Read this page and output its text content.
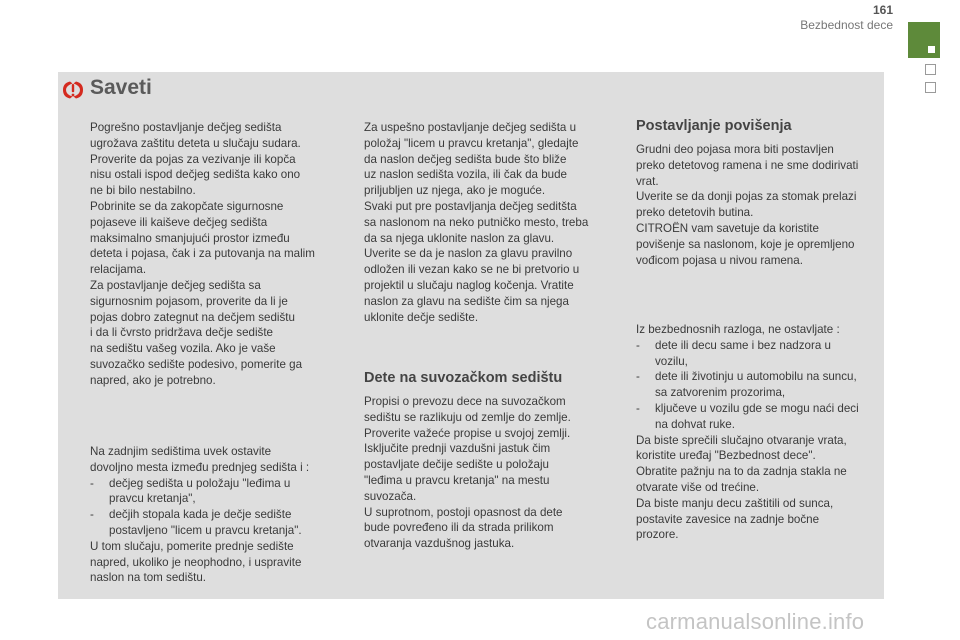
161
Bezbednost dece
Saveti

Pogrešno postavljanje dečjeg sedišta

ugrožava zaštitu deteta u slučaju sudara.

Proverite da pojas za vezivanje ili kopča

nisu ostali ispod dečjeg sedišta kako ono

ne bi bilo nestabilno.

Pobrinite se da zakopčate sigurnosne

pojaseve ili kaiševe dečjeg sedišta

maksimalno smanjujući prostor između

deteta i pojasa, čak i za putovanja na malim

relacijama.

Za postavljanje dečjeg sedišta sa

sigurnosnim pojasom, proverite da li je

pojas dobro zategnut na dečjem sedištu

i da li čvrsto pridržava dečje sedište

na sedištu vašeg vozila. Ako je vaše

suvozačko sedište podesivo, pomerite ga

napred, ako je potrebno.

Na zadnjim sedištima uvek ostavite

dovoljno mesta između prednjeg sedišta i :

- dečjeg sedišta u položaju "leđima u
pravcu kretanja",
- dečjih stopala kada je dečje sedište
postavljeno "licem u pravcu kretanja".

U tom slučaju, pomerite prednje sedište

napred, ukoliko je neophodno, i uspravite

naslon na tom sedištu.

Za uspešno postavljanje dečjeg sedišta u

položaj "licem u pravcu kretanja", gledajte

da naslon dečjeg sedišta bude što bliže

uz naslon sedišta vozila, ili čak da bude

priljubljen uz njega, ako je moguće.

Svaki put pre postavljanja dečjeg seditšta

sa naslonom na neko putničko mesto, treba

da sa njega uklonite naslon za glavu.

Uverite se da je naslon za glavu pravilno

odložen ili vezan kako se ne bi pretvorio u

projektil u slučaju naglog kočenja. Vratite

naslon za glavu na sedište čim sa njega

uklonite dečje sedište.

Dete na suvozačkom sedištu

Propisi o prevozu dece na suvozačkom

sedištu se razlikuju od zemlje do zemlje.

Proverite važeće propise u svojoj zemlji.

Isključite prednji vazdušni jastuk čim

postavljate dečije sedište u položaju

"leđima u pravcu kretanja" na mestu

suvozača.

U suprotnom, postoji opasnost da dete

bude povređeno ili da strada prilikom

otvaranja vazdušnog jastuka.

Postavljanje povišenja

Grudni deo pojasa mora biti postavljen

preko detetovog ramena i ne sme dodirivati

vrat.

Uverite se da donji pojas za stomak prelazi

preko detetovih butina.

CITROËN vam savetuje da koristite

povišenje sa naslonom, koje je opremljeno

vođicom pojasa u nivou ramena.

Iz bezbednosnih razloga, ne ostavljate :

- dete ili decu same i bez nadzora u
vozilu,
- dete ili životinju u automobilu na suncu,
sa zatvorenim prozorima,
- ključeve u vozilu gde se mogu naći deci
na dohvat ruke.

Da biste sprečili slučajno otvaranje vrata,

koristite uređaj "Bezbednost dece".

Obratite pažnju na to da zadnja stakla ne

otvarate više od trećine.

Da biste manju decu zaštitili od sunca,

postavite zavesice na zadnje bočne

prozore.

carmanualsonline.info
